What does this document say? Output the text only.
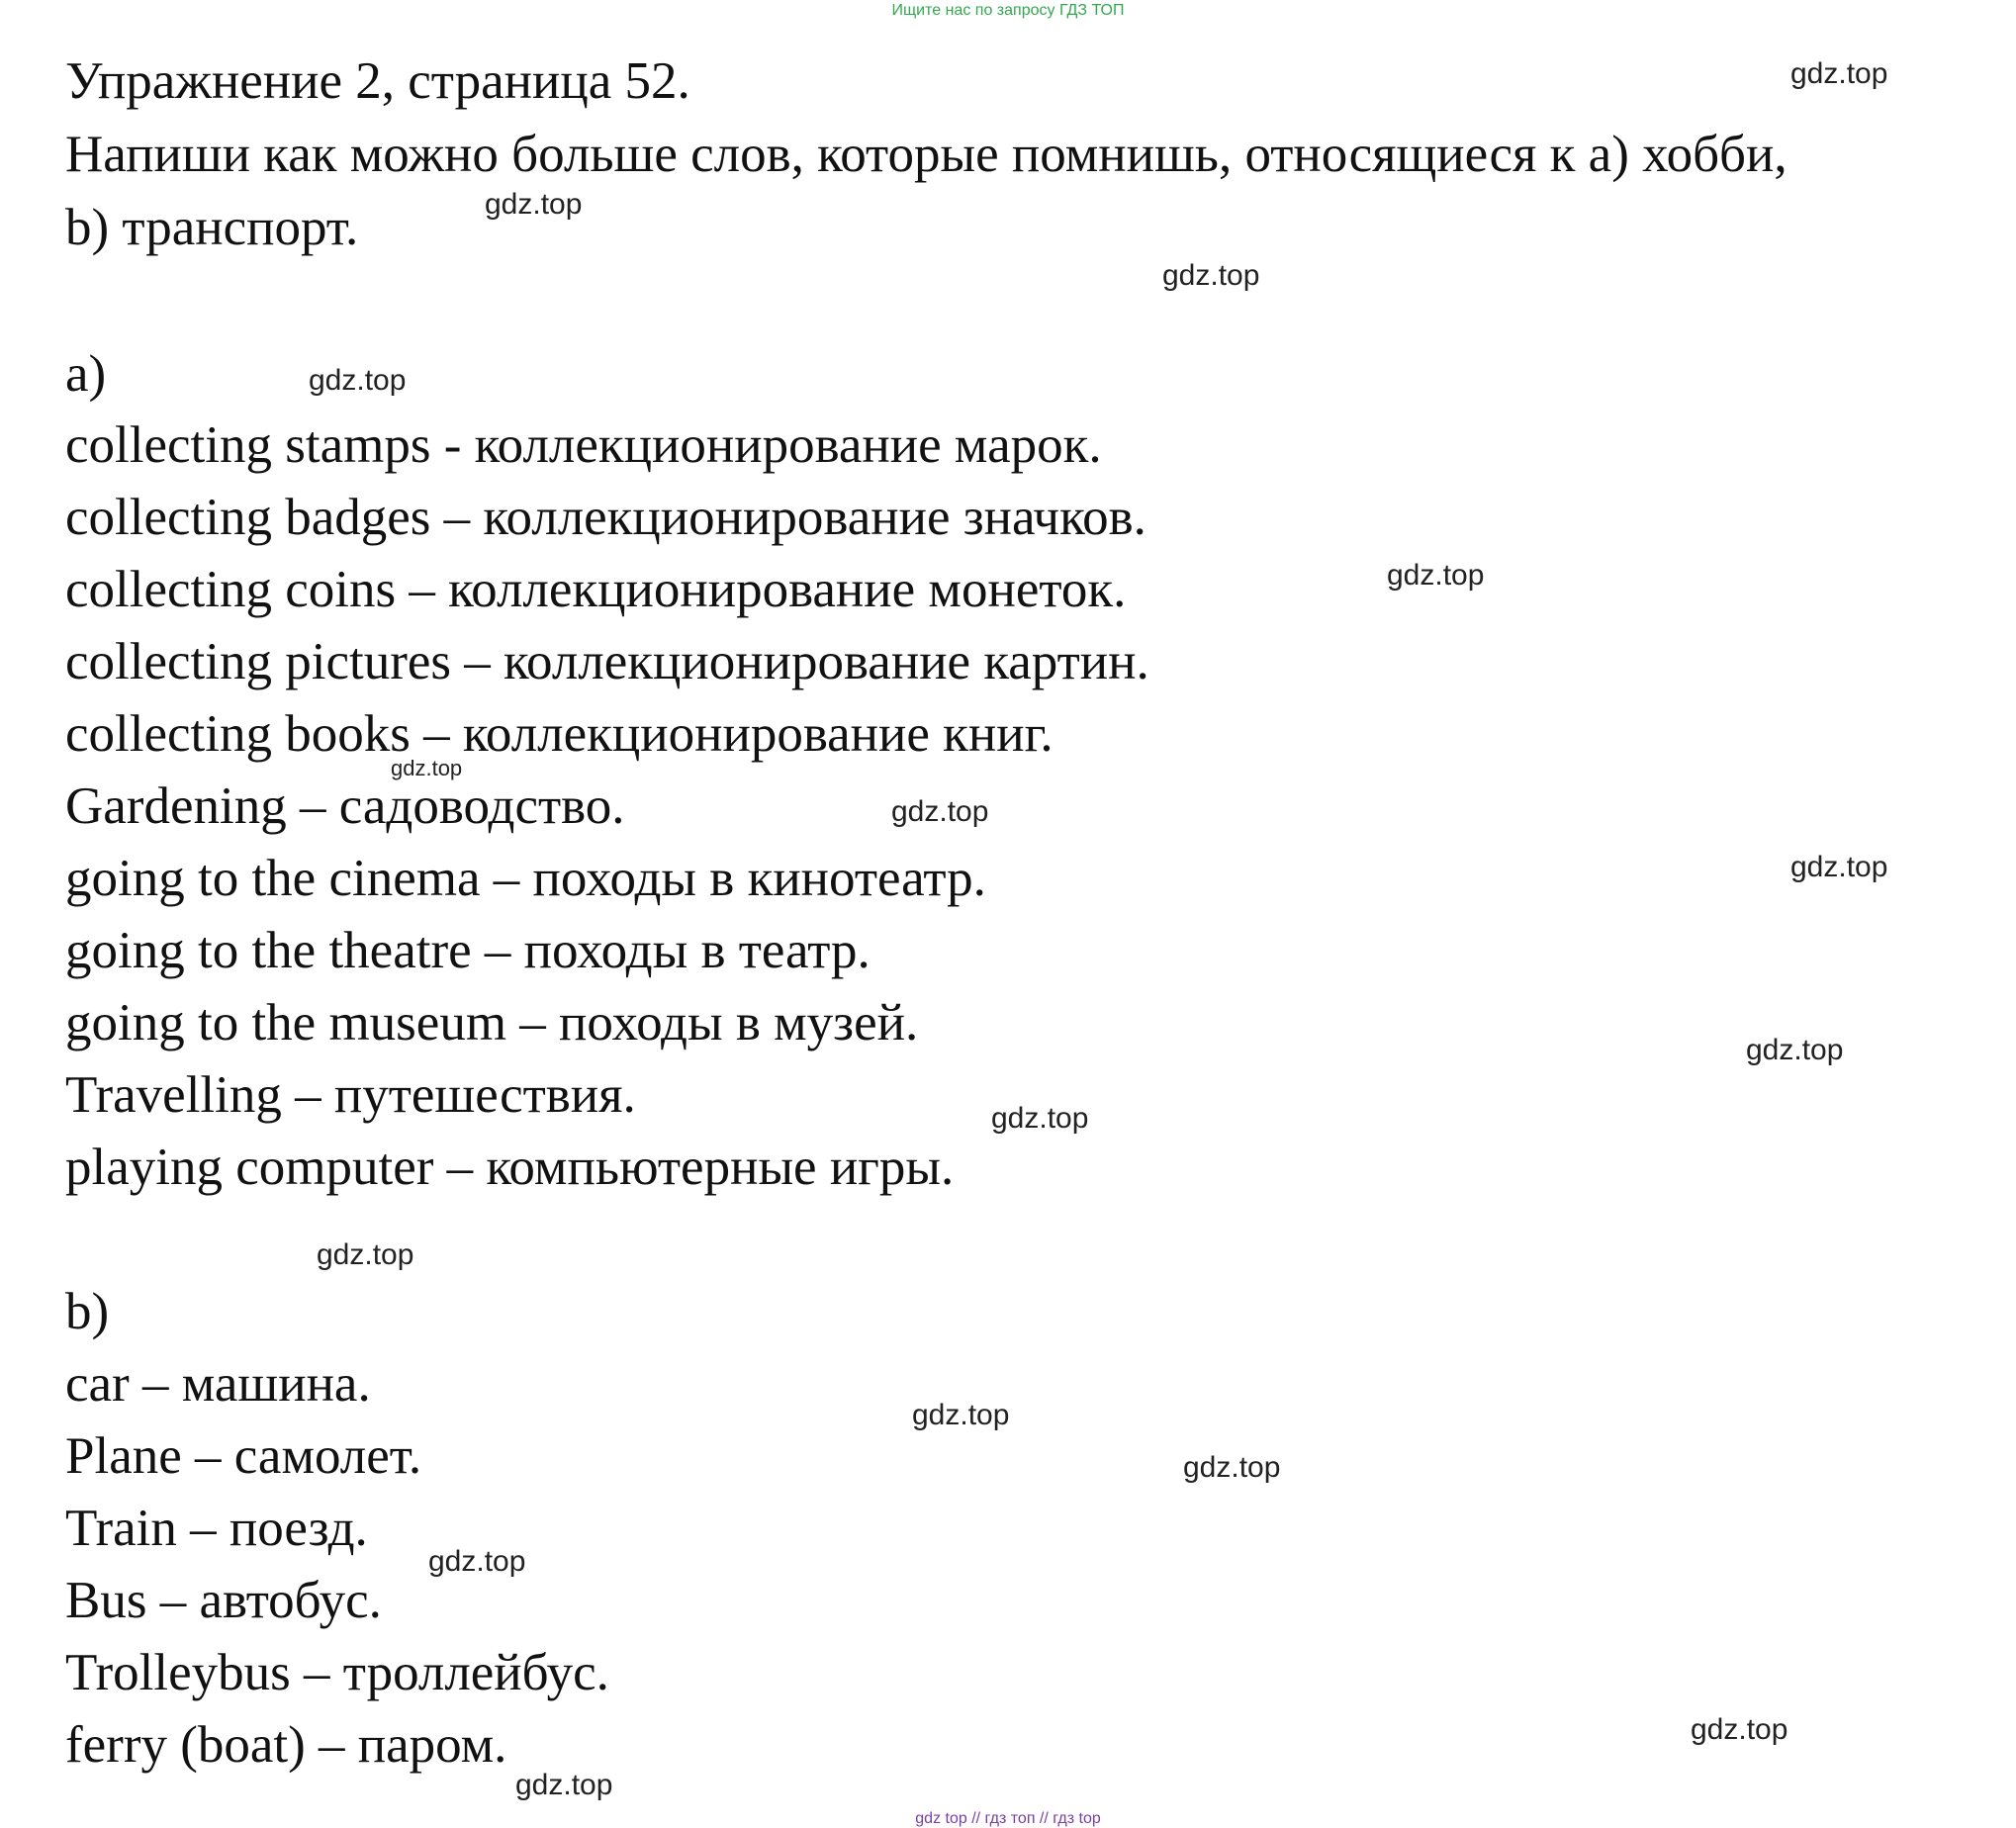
Ищите нас по запросу ГДЗ ТОП
Упражнение 2, страница 52.
Напиши как можно больше слов, которые помнишь, относящиеся к а) хобби,
b) транспорт.
a)
collecting stamps - коллекционирование марок.
collecting badges – коллекционирование значков.
collecting coins – коллекционирование монеток.
collecting pictures – коллекционирование картин.
collecting books – коллекционирование книг.
Gardening – садоводство.
going to the cinema – походы в кинотеатр.
going to the theatre – походы в театр.
going to the museum – походы в музей.
Travelling – путешествия.
playing computer – компьютерные игры.
b)
car – машина.
Plane – самолет.
Train – поезд.
Bus – автобус.
Trolleybus – троллейбус.
ferry (boat) – паром.
gdz.top
gdz.top
gdz.top
gdz.top
gdz.top
gdz.top
gdz.top
gdz.top
gdz.top
gdz.top
gdz.top
gdz.top
gdz.top
gdz.top
gdz.top
gdz.top
gdz top // гдз топ // гдз top
